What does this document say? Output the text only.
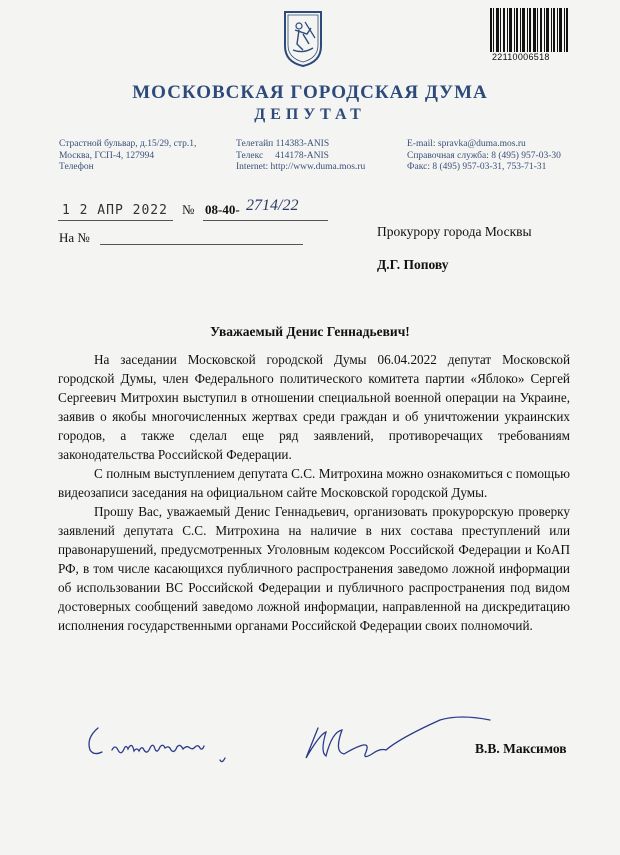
22110006518
МОСКОВСКАЯ ГОРОДСКАЯ ДУМА
ДЕПУТАТ
Страстной бульвар, д.15/29, стр.1,
Москва, ГСП-4, 127994
Телефон
Телетайп 114383-ANIS
Телекс     414178-ANIS
Internet: http://www.duma.mos.ru
E-mail: spravka@duma.mos.ru
Справочная служба: 8 (495) 957-03-30
Факс: 8 (495) 957-03-31, 753-71-31
1 2 АПР 2022 № 08-40- 2714/22
На №	Прокурору города Москвы
Д.Г. Попову
Уважаемый Денис Геннадьевич!

На заседании Московской городской Думы 06.04.2022 депутат Московской городской Думы, член Федерального политического комитета партии «Яблоко» Сергей Сергеевич Митрохин выступил в отношении специальной военной операции на Украине, заявив о якобы многочисленных жертвах среди граждан и об уничтожении украинских городов, а также сделал еще ряд заявлений, противоречащих требованиям законодательства Российской Федерации.

С полным выступлением депутата С.С. Митрохина можно ознакомиться с помощью видеозаписи заседания на официальном сайте Московской городской Думы.

Прошу Вас, уважаемый Денис Геннадьевич, организовать прокурорскую проверку заявлений депутата С.С. Митрохина на наличие в них состава преступлений или правонарушений, предусмотренных Уголовным кодексом Российской Федерации и КоАП РФ, в том числе касающихся публичного распространения заведомо ложной информации об использовании ВС Российской Федерации и публичного распространения под видом достоверных сообщений заведомо ложной информации, направленной на дискредитацию исполнения государственными органами Российской Федерации своих полномочий.

В.В. Максимов
